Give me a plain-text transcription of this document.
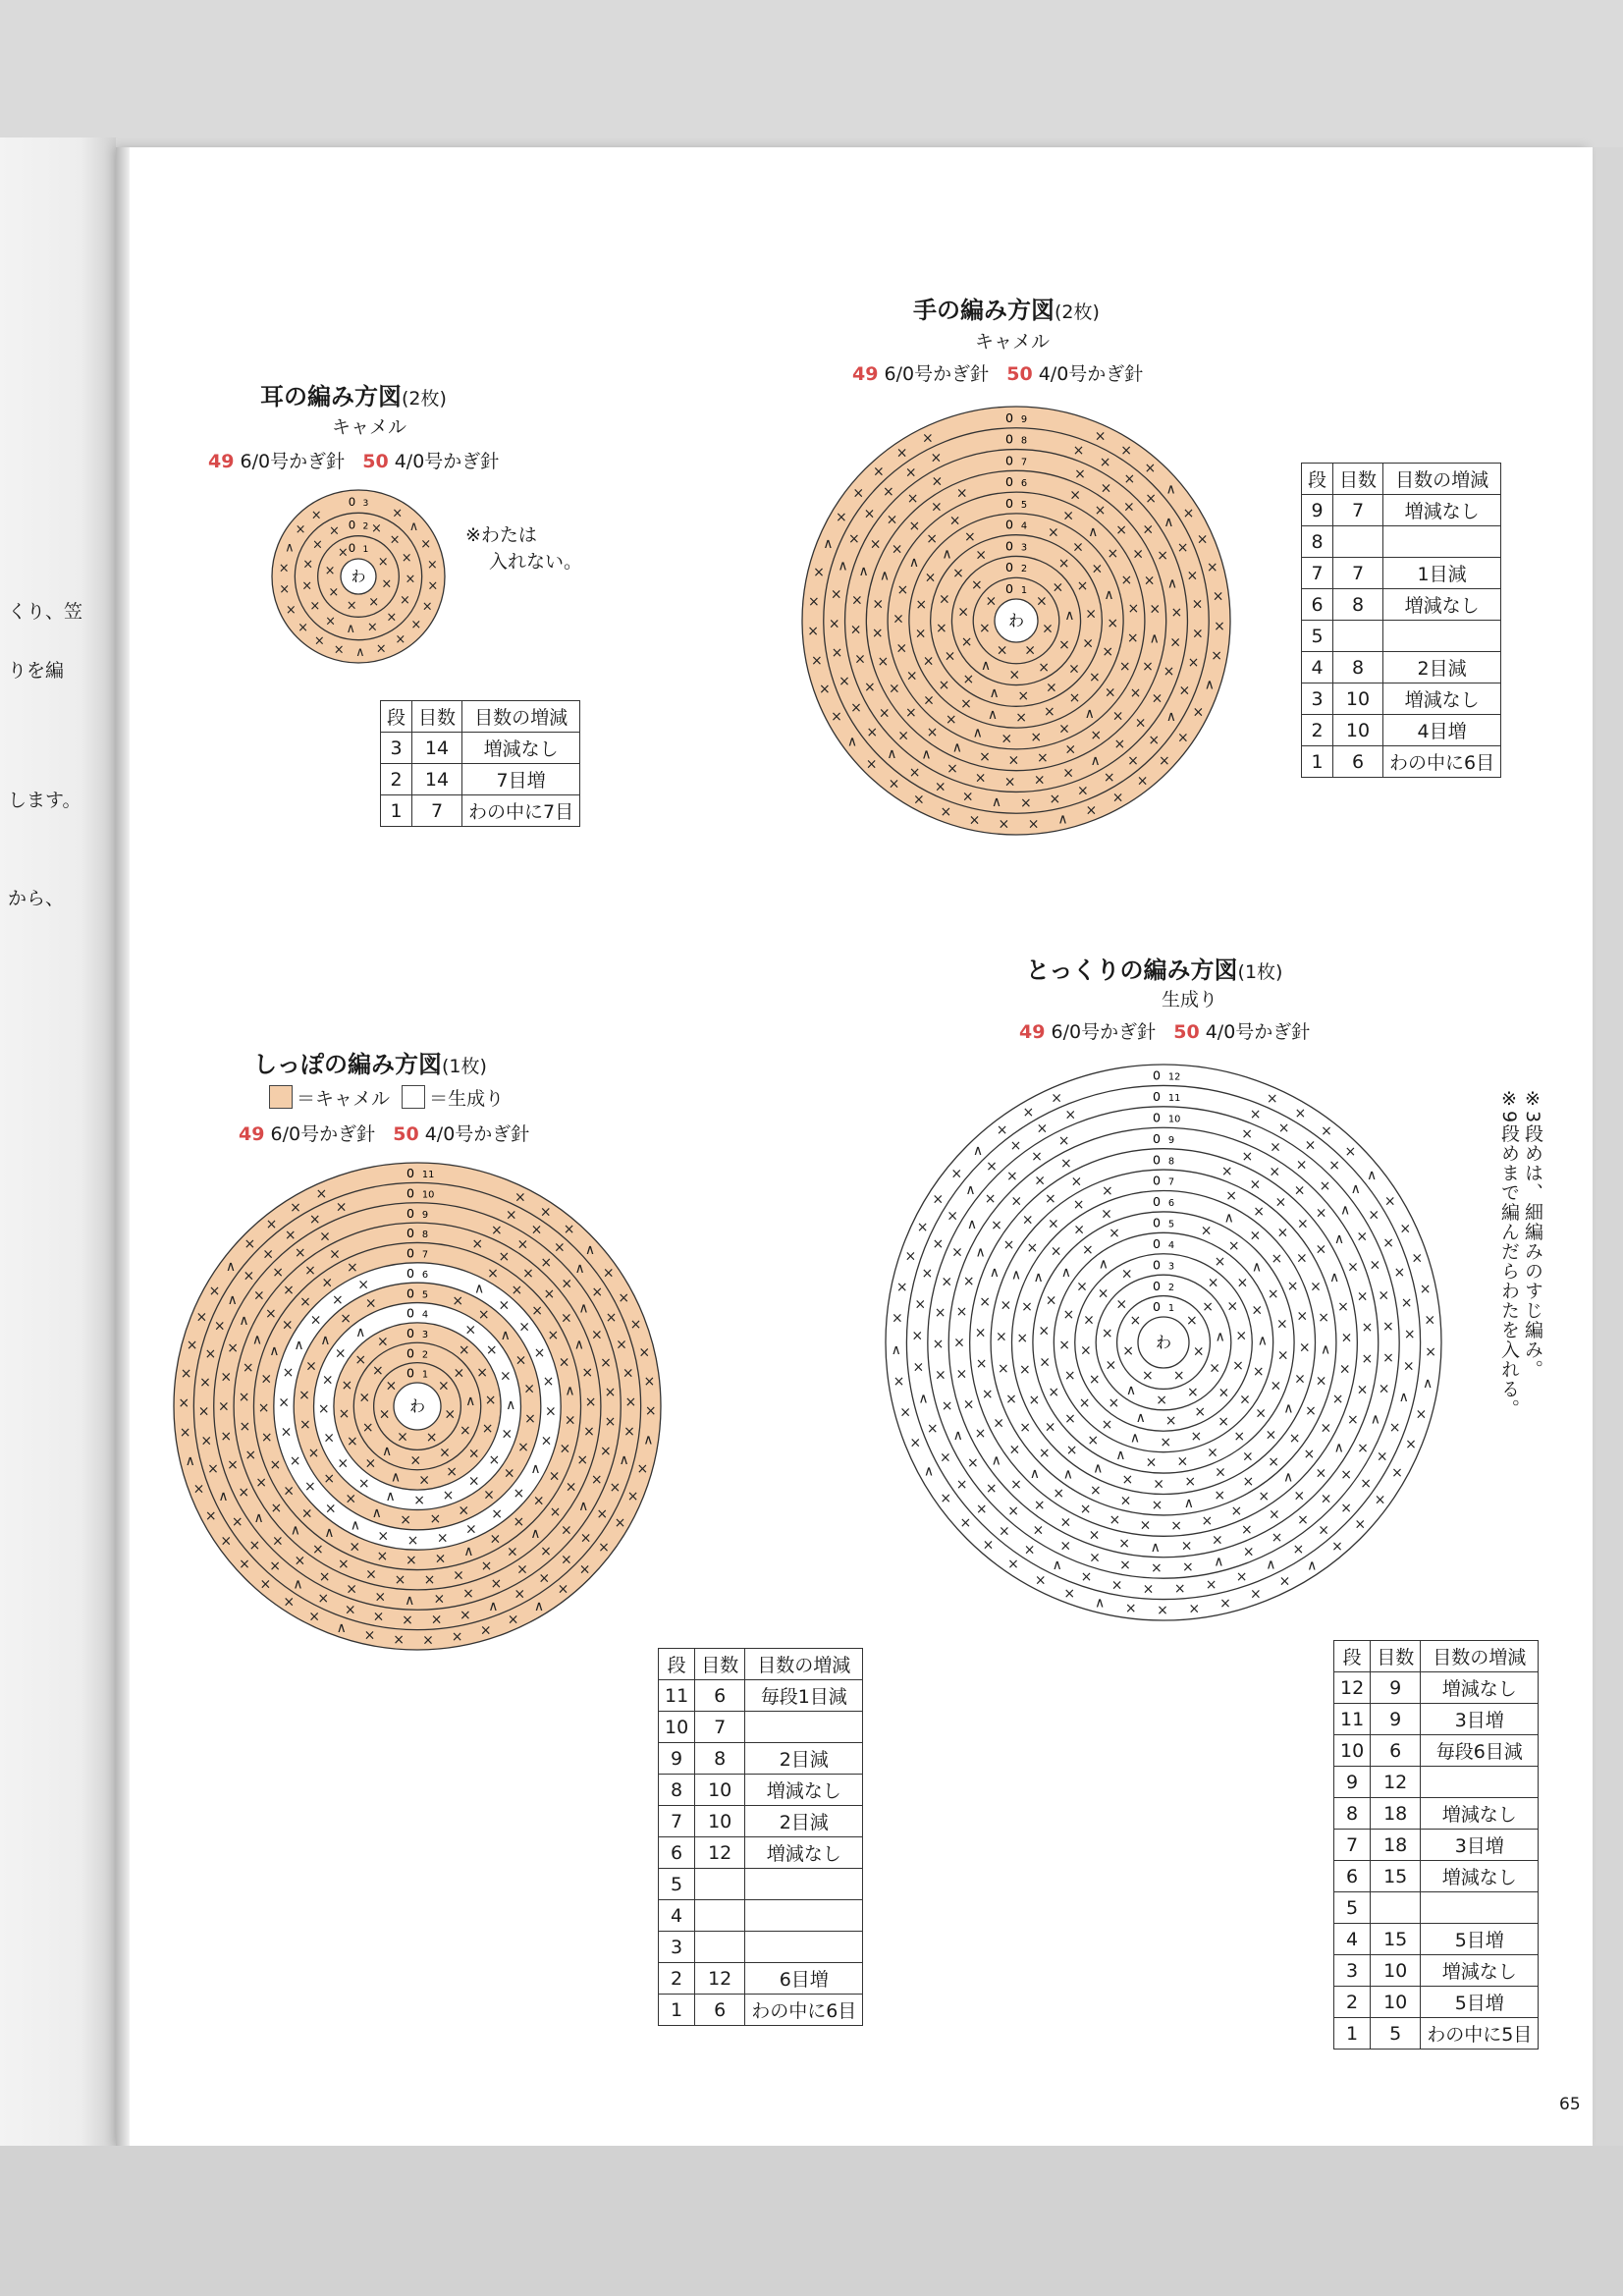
くり、笠
りを編
します。
から、
耳の編み方図(2枚)
キャメル
49 6/0号かぎ針 50 4/0号かぎ針
※わたは
入れない。
わ ×
×
×
×
×
×
×
×
×
×
∧
×
×
×
×
×
× ×
×
×
×
×
×
×
∧
×
×
×
×
×
×
∧
×
×	×
∧
×
×
×
×
0 1
0 2
0 3
段	目数	目数の増減
3	14	増減なし
2	14	7目増
1	7	わの中に7目
手の編み方図(2枚)
キャメル
49 6/0号かぎ針 50 4/0号かぎ針
わ ×
×
×
×
×	×
×
×
×
∧
×
×
×	×
∧
×
×
×
∧
×
×
×
×
×
×
×
×
×
×
×
×
×
∧
×
×
×
×
×
×
∧
×	×
×
×
∧
×
×
×
×
×
×
∧
×
×
×
×
×
×
∧
×
×	×
∧
×
×
×
×
×
×
∧
×
×
×
∧
×
×
×
×
×
×
∧
×
×
×
×	×
×
×
×
×
×
∧
×
×
×
×
×
×
×
×
∧
×
×
×
×
×
×
∧
×
×
×
×	×
×
×
×
×
∧
×
×
×
×
×
×
∧
×
×
×
×
×
∧
×
×
×
×
×
×
∧
×
×
×
×
×	×
×
×
×
∧
×
×
×
×
×
×
∧
×
×
×
×
×
×
∧
×
×
×
∧
×
×
×
×
×
×
∧
×
×
×
×
×	×
×
×
∧
×
×
×
×
×
×
∧
×
×
×
×
×
×
∧
×
×
×
×
0 1
0 2
0 3
0 4
0 5
0 6
0 7
0 8
0 9
段	目数	目数の増減
9	7	増減なし
8		
7	7	1目減
6	8	増減なし
5		
4	8	2目減
3	10	増減なし
2	10	4目増
1	6	わの中に6目
しっぽの編み方図(1枚)
＝キャメル ＝生成り
49 6/0号かぎ針 50 4/0号かぎ針
わ ×
×
×
×
×	×
×
×
×
∧
×
×
×	×
∧
×
×
×
∧
×
×
×
×
×
×
×
×
×
×
×
×
×
∧
×
×
×
×
×
×
∧	×
×
×
∧
×
×
×
×
×
∧
×
×
×
×
×
×
∧
×
×	×
×
∧
×
×
×
×
×
×
×
×
×
∧
×
×
×
×
×
×
∧
×
×
×	∧
×
×
×
×
×
×
∧
×
×
×
×
×
×
∧
×
×
×
×
×
×
∧
×
×
×
×	×
×
×
×
×
∧
×
×
×
×
×
×
∧
×
×
×
×
∧
×
×
×
×
×
×
∧
×
×
×
×
×
×
×
×
×
∧
×
×
×
×
×
×
∧
×
×
×
×
×
×
×
×
∧
×
×
×
×
×
×
∧
×
×
×
×	×
×
×
×
∧
×
×
×
×
×
×
∧
×
×
×
×
×
×
∧
×
×
×
×
×
∧
×
×
×
×
×
×
∧
×
×
×
×
×
×
×
×
∧
×
×
×
×
×
×
∧
×
×
×
×
×
×
∧
×
×
×
×
×
×
∧
×
×
×
∧
×
×
×
×
×
×
∧
×
×
×
×	×
×
×
∧
×
×
×
×
×
×
∧
×
×
×
×
×
×
∧
×
×
×
×
×
×
∧
×
×
×
×
0 1
0 2
0 3
0 4
0 5
0 6
0 7
0 8
0 9
0 10
0 11
段	目数	目数の増減
11	6	毎段1目減
10	7	
9	8	2目減
8	10	増減なし
7	10	2目減
6	12	増減なし
5		
4		
3		
2	12	6目増
1	6	わの中に6目
とっくりの編み方図(1枚)
生成り
49 6/0号かぎ針 50 4/0号かぎ針
※3段めは、細編みのすじ編み。
※9段めまで編んだらわたを入れる。
わ ×
×
×
×
×	×
×
×
×
∧
×
×
×	×
∧
×
×
×
∧
×
×
×
×
×
×
×
×
×
×
×
×
×
∧
×
×
×
×
×
×
∧	×
×
×
∧
×
×
×
×
×
∧
×
×
×
×
×
×
∧
×
×	×
×
∧
×
×
×
×
×
×
×
×
×
∧
×
×
×
×
×
×
∧
×
×
×	∧
×
×
×
×
×
×
∧
×
×
×
×
×
×
∧
×
×
×
×
×
×
∧
×
×
×
×	×
×
×
×
×
×
∧
×
×
×
×
×
×
∧
×
×
×
∧
×
×
×
×
×
×
∧
×
×
×
×
×
×
×
×
×
∧
×
×
×
×
×
×
∧
×
×
×
×
×
×
×
×
∧
×
×
×
×
×
×
∧
×
×
×
×	×
×
×
×
∧
×
×
×
×
×
×
∧
×
×
×
×
×
×
∧
×
×
×
×
×
∧
×
×
×
×
×
×
∧
×
×
×
×	×
×
×
×
∧
×
×
×
×
×
×
∧
×
×
×
×
×
×
∧
×
×
×
×
×
×
×
×
×
∧
×
×
×
×
×
×
∧
×
×
×
×	×
×
×
×
∧
×
×
×
×
×
×
∧
×
×
×
×
×
×
∧
×
×
×
×
×
×
∧
×
×
×
×
×
×
∧
×
×
×
×
×
×
∧
×
×
×	×
×
×
×
∧
×
×
×
×
×
×
∧
×
×
×
×
×
×
∧
×
×
×
×
×
×
∧
×
×
×
×
×
×
∧
0 1
0 2
0 3
0 4
0 5
0 6
0 7
0 8
0 9
0 10
0 11
0 12
段	目数	目数の増減
12	9	増減なし
11	9	3目増
10	6	毎段6目減
9	12	
8	18	増減なし
7	18	3目増
6	15	増減なし
5		
4	15	5目増
3	10	増減なし
2	10	5目増
1	5	わの中に5目
65
